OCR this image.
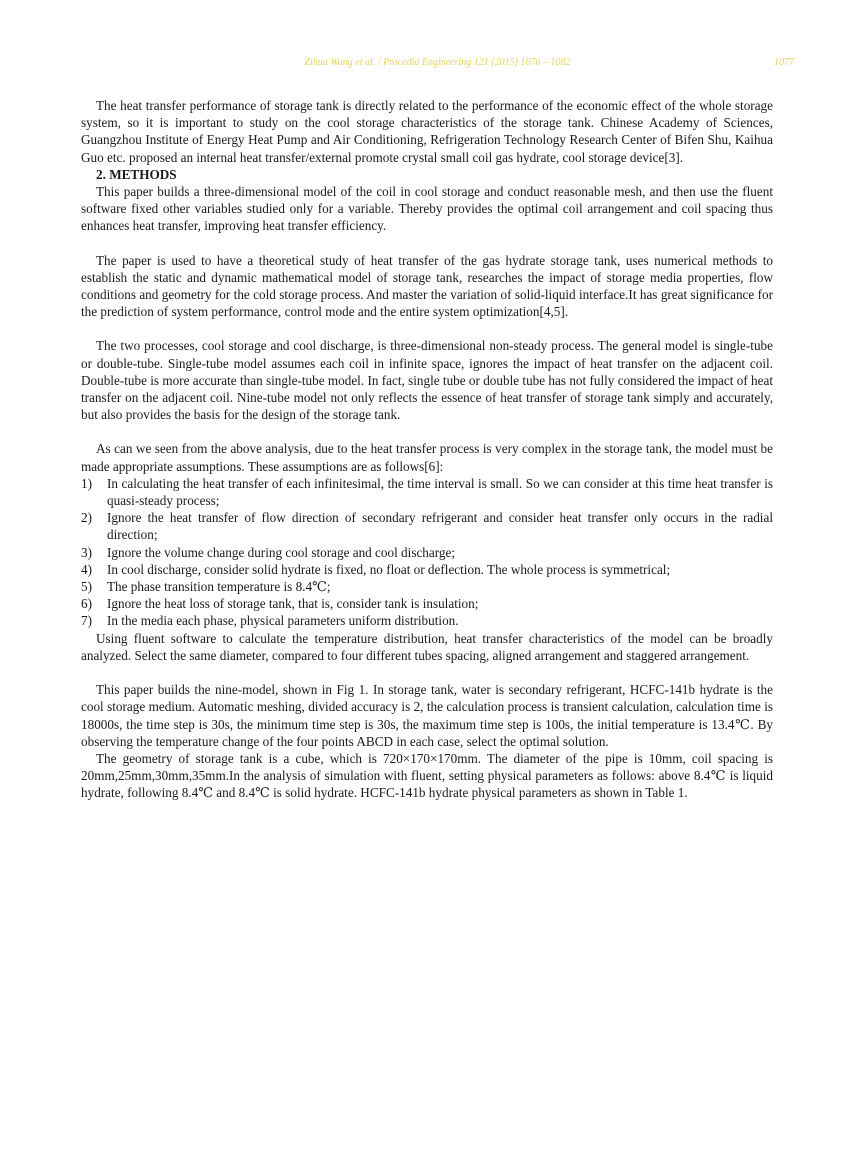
Zihua Wang et al. / Procedia Engineering 121 (2015) 1076 – 1082	1077

The heat transfer performance of storage tank is directly related to the performance of the economic effect of the whole storage system, so it is important to study on the cool storage characteristics of the storage tank. Chinese Academy of Sciences, Guangzhou Institute of Energy Heat Pump and Air Conditioning, Refrigeration Technology Research Center of Bifen Shu, Kaihua Guo etc. proposed an internal heat transfer/external promote crystal small coil gas hydrate, cool storage device[3].

2. METHODS

This paper builds a three-dimensional model of the coil in cool storage and conduct reasonable mesh, and then use the fluent software fixed other variables studied only for a variable. Thereby provides the optimal coil arrangement and coil spacing thus enhances heat transfer, improving heat transfer efficiency.

The paper is used to have a theoretical study of heat transfer of the gas hydrate storage tank, uses numerical methods to establish the static and dynamic mathematical model of storage tank, researches the impact of storage media properties, flow conditions and geometry for the cold storage process. And master the variation of solid-liquid interface.It has great significance for the prediction of system performance, control mode and the entire system optimization[4,5].

The two processes, cool storage and cool discharge, is three-dimensional non-steady process. The general model is single-tube or double-tube. Single-tube model assumes each coil in infinite space, ignores the impact of heat transfer on the adjacent coil. Double-tube is more accurate than single-tube model. In fact, single tube or double tube has not fully considered the impact of heat transfer on the adjacent coil. Nine-tube model not only reflects the essence of heat transfer of storage tank simply and accurately, but also provides the basis for the design of the storage tank.

As can we seen from the above analysis, due to the heat transfer process is very complex in the storage tank, the model must be made appropriate assumptions. These assumptions are as follows[6]:

1) In calculating the heat transfer of each infinitesimal, the time interval is small. So we can consider at this time heat transfer is quasi-steady process;
2) Ignore the heat transfer of flow direction of secondary refrigerant and consider heat transfer only occurs in the radial direction;
3) Ignore the volume change during cool storage and cool discharge;
4) In cool discharge, consider solid hydrate is fixed, no float or deflection. The whole process is symmetrical;
5) The phase transition temperature is 8.4℃;
6) Ignore the heat loss of storage tank, that is, consider tank is insulation;
7) In the media each phase, physical parameters uniform distribution.

Using fluent software to calculate the temperature distribution, heat transfer characteristics of the model can be broadly analyzed. Select the same diameter, compared to four different tubes spacing, aligned arrangement and staggered arrangement.

This paper builds the nine-model, shown in Fig 1. In storage tank, water is secondary refrigerant, HCFC-141b hydrate is the cool storage medium. Automatic meshing, divided accuracy is 2, the calculation process is transient calculation, calculation time is 18000s, the time step is 30s, the minimum time step is 30s, the maximum time step is 100s, the initial temperature is 13.4℃. By observing the temperature change of the four points ABCD in each case, select the optimal solution.

The geometry of storage tank is a cube, which is 720×170×170mm. The diameter of the pipe is 10mm, coil spacing is 20mm,25mm,30mm,35mm.In the analysis of simulation with fluent, setting physical parameters as follows: above 8.4℃ is liquid hydrate, following 8.4℃ and 8.4℃ is solid hydrate. HCFC-141b hydrate physical parameters as shown in Table 1.
